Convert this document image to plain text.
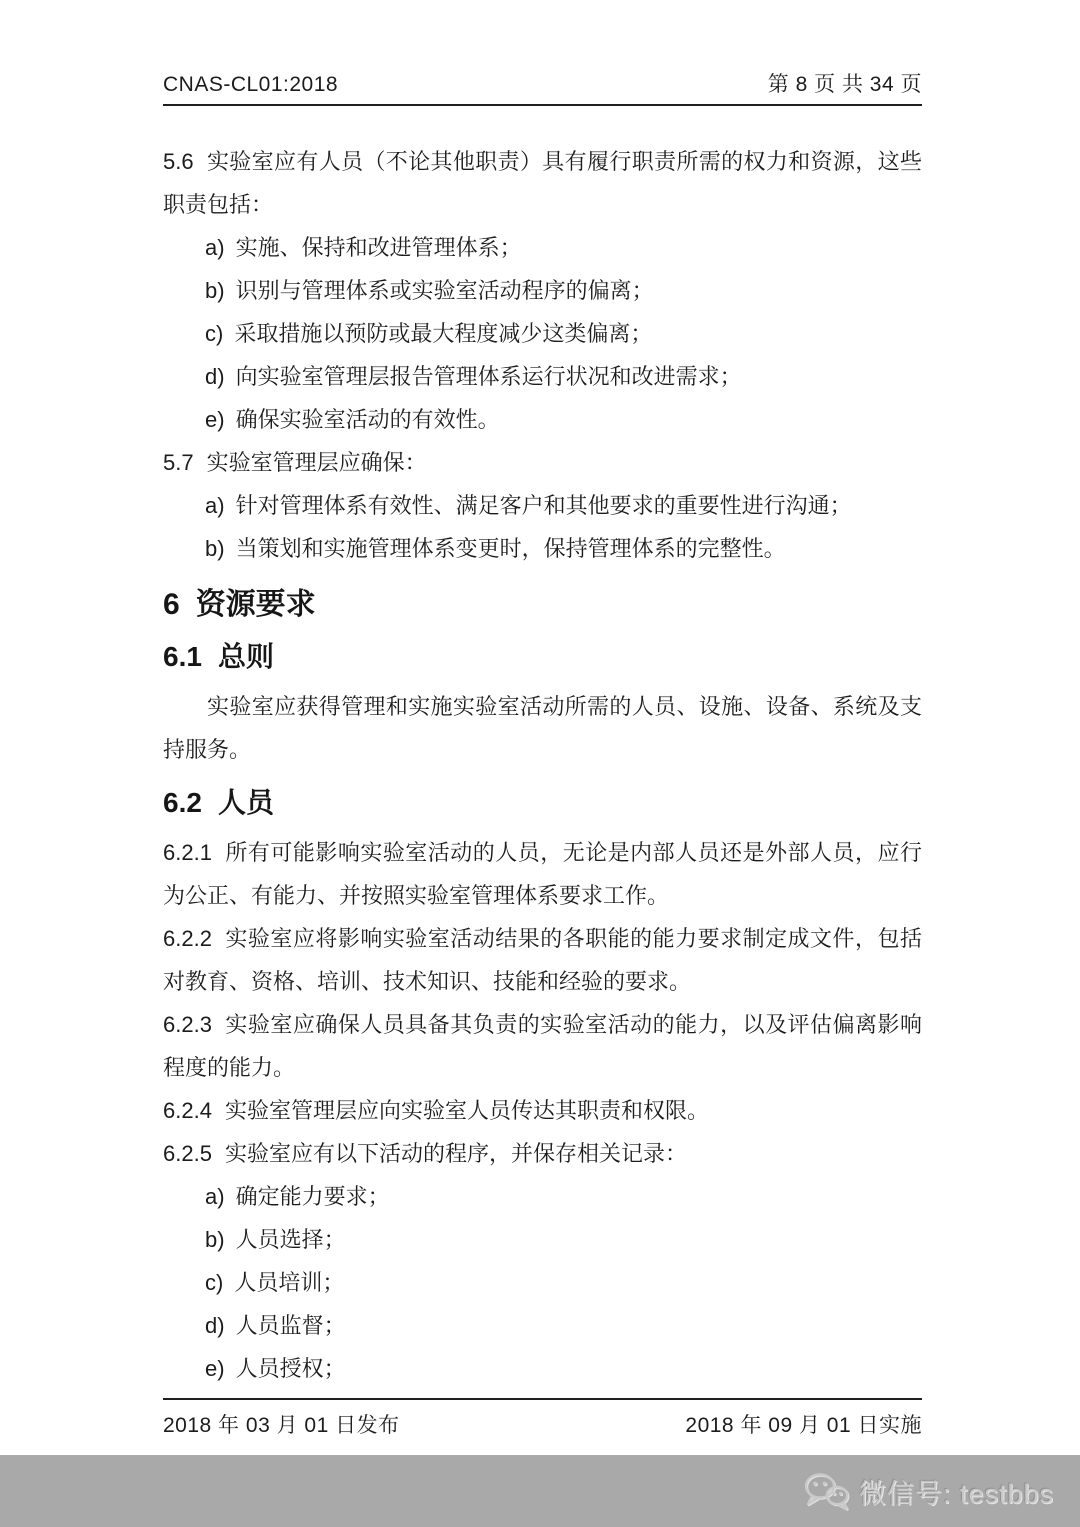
CNAS-CL01:2018	第 8 页 共 34 页

5.6 实验室应有人员（不论其他职责）具有履行职责所需的权力和资源，这些职责包括：

a) 实施、保持和改进管理体系；

b) 识别与管理体系或实验室活动程序的偏离；

c) 采取措施以预防或最大程度减少这类偏离；

d) 向实验室管理层报告管理体系运行状况和改进需求；

e) 确保实验室活动的有效性。

5.7 实验室管理层应确保：

a) 针对管理体系有效性、满足客户和其他要求的重要性进行沟通；

b) 当策划和实施管理体系变更时，保持管理体系的完整性。

6 资源要求
6.1 总则

实验室应获得管理和实施实验室活动所需的人员、设施、设备、系统及支持服务。

6.2 人员

6.2.1 所有可能影响实验室活动的人员，无论是内部人员还是外部人员，应行为公正、有能力、并按照实验室管理体系要求工作。

6.2.2 实验室应将影响实验室活动结果的各职能的能力要求制定成文件，包括对教育、资格、培训、技术知识、技能和经验的要求。

6.2.3 实验室应确保人员具备其负责的实验室活动的能力，以及评估偏离影响程度的能力。

6.2.4 实验室管理层应向实验室人员传达其职责和权限。

6.2.5 实验室应有以下活动的程序，并保存相关记录：

a) 确定能力要求；

b) 人员选择；

c) 人员培训；

d) 人员监督；

e) 人员授权；

2018 年 03 月 01 日发布	2018 年 09 月 01 日实施
微信号: testbbs
